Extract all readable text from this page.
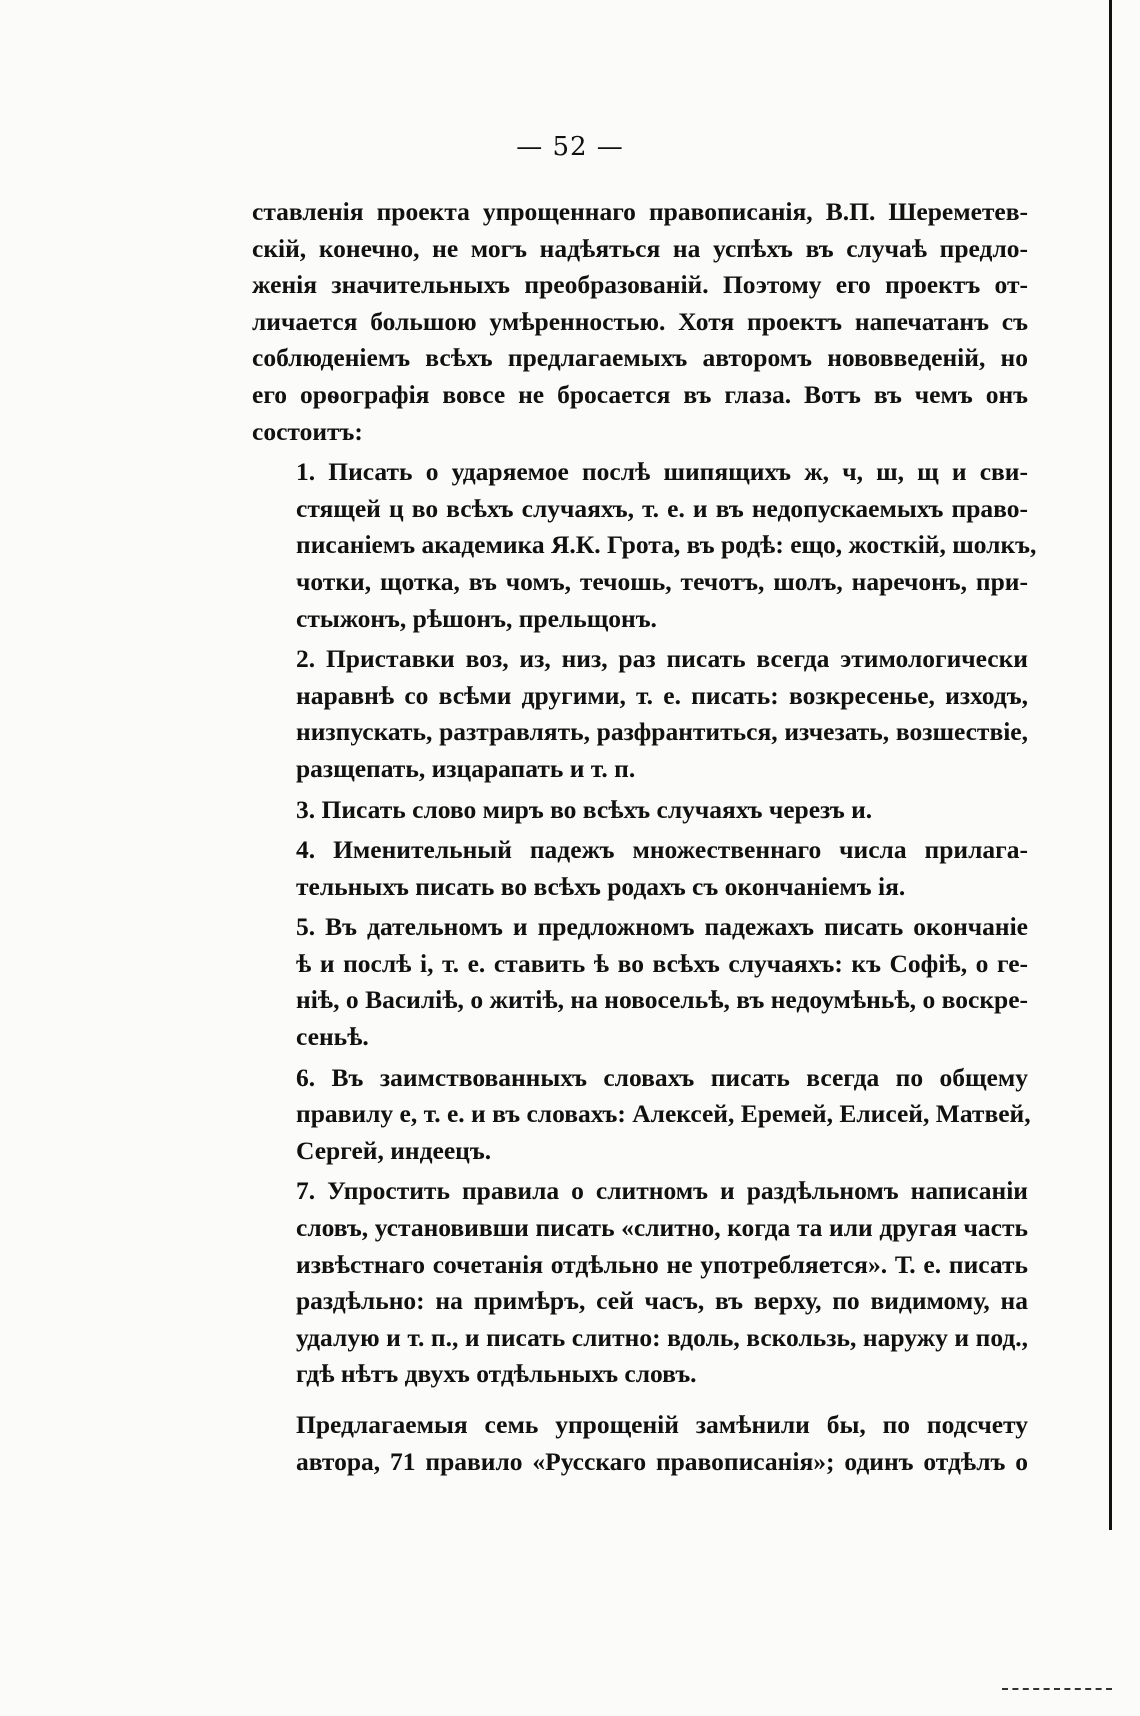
— 52 —
ставленія проекта упрощеннаго правописанія, В.П. Шереметев-
скій, конечно, не могъ надѣяться на успѣхъ въ случаѣ предло-
женія значительныхъ преобразованій. Поэтому его проектъ от-
личается большою умѣренностью. Хотя проектъ напечатанъ съ
соблюденіемъ всѣхъ предлагаемыхъ авторомъ нововведеній, но
его орѳографія вовсе не бросается въ глаза. Вотъ въ чемъ онъ
состоитъ:
1. Писать о ударяемое послѣ шипящихъ ж, ч, ш, щ и сви-
стящей ц во всѣхъ случаяхъ, т. е. и въ недопускаемыхъ право-
писаніемъ академика Я.К. Грота, въ родѣ: ещо, жосткій, шолкъ,
чотки, щотка, въ чомъ, течошь, течотъ, шолъ, наречонъ, при-
стыжонъ, рѣшонъ, прельщонъ.
2. Приставки воз, из, низ, раз писать всегда этимологически
наравнѣ со всѣми другими, т. е. писать: возкресенье, изходъ,
низпускать, разтравлять, разфрантиться, изчезать, возшествіе,
разщепать, изцарапать и т. п.
3. Писать слово миръ во всѣхъ случаяхъ черезъ и.
4. Именительный падежъ множественнаго числа прилага-
тельныхъ писать во всѣхъ родахъ съ окончаніемъ ія.
5. Въ дательномъ и предложномъ падежахъ писать окончаніе
ѣ и послѣ і, т. е. ставить ѣ во всѣхъ случаяхъ: къ Софіѣ, о ге-
ніѣ, о Василіѣ, о житіѣ, на новосельѣ, въ недоумѣньѣ, о воскре-
сеньѣ.
6. Въ заимствованныхъ словахъ писать всегда по общему
правилу е, т. е. и въ словахъ: Алексей, Еремей, Елисей, Матвей,
Сергей, индеецъ.
7. Упростить правила о слитномъ и раздѣльномъ написаніи
словъ, установивши писать «слитно, когда та или другая часть
извѣстнаго сочетанія отдѣльно не употребляется». Т. е. писать
раздѣльно: на примѣръ, сей часъ, въ верху, по видимому, на
удалую и т. п., и писать слитно: вдоль, вскользь, наружу и под.,
гдѣ нѣтъ двухъ отдѣльныхъ словъ.
Предлагаемыя семь упрощеній замѣнили бы, по подсчету
автора, 71 правило «Русскаго правописанія»; одинъ отдѣлъ о
